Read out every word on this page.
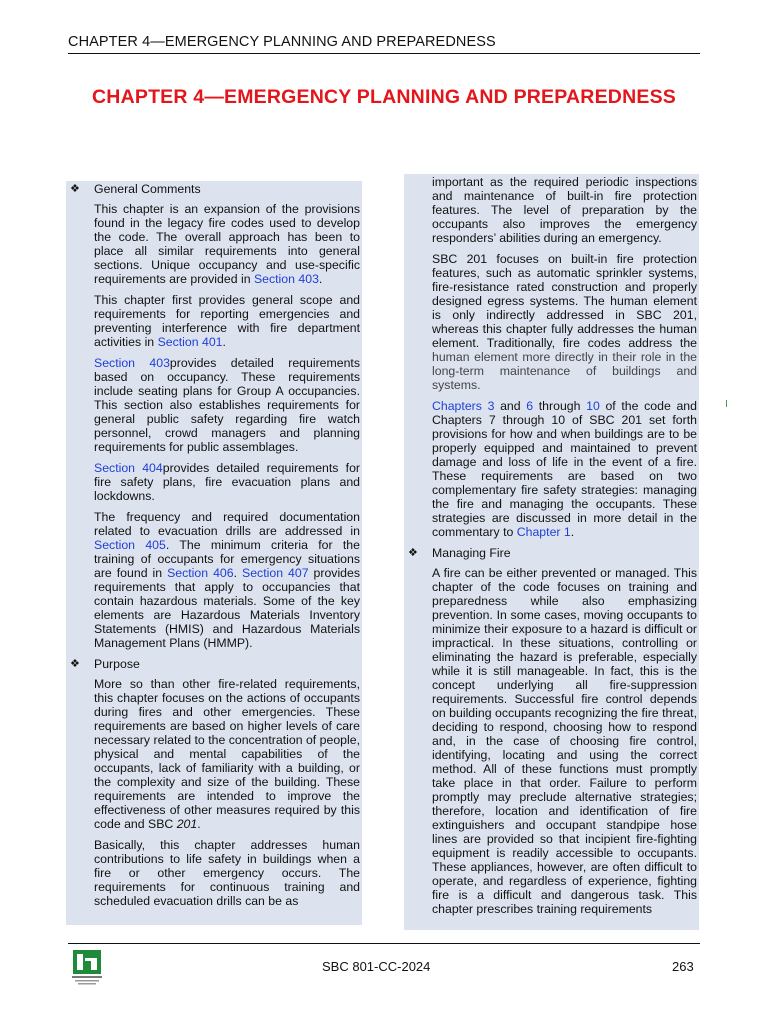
CHAPTER 4—EMERGENCY PLANNING AND PREPAREDNESS
CHAPTER 4—EMERGENCY PLANNING AND PREPAREDNESS
❖ General Comments

This chapter is an expansion of the provisions found in the legacy fire codes used to develop the code. The overall approach has been to place all similar requirements into general sections. Unique occupancy and use-specific requirements are provided in Section 403.

This chapter first provides general scope and requirements for reporting emergencies and preventing interference with fire department activities in Section 401.

Section 403provides detailed requirements based on occupancy. These requirements include seating plans for Group A occupancies. This section also establishes requirements for general public safety regarding fire watch personnel, crowd managers and planning requirements for public assemblages.

Section 404provides detailed requirements for fire safety plans, fire evacuation plans and lockdowns.

The frequency and required documentation related to evacuation drills are addressed in Section 405. The minimum criteria for the training of occupants for emergency situations are found in Section 406. Section 407 provides requirements that apply to occupancies that contain hazardous materials. Some of the key elements are Hazardous Materials Inventory Statements (HMIS) and Hazardous Materials Management Plans (HMMP).

❖ Purpose

More so than other fire-related requirements, this chapter focuses on the actions of occupants during fires and other emergencies. These requirements are based on higher levels of care necessary related to the concentration of people, physical and mental capabilities of the occupants, lack of familiarity with a building, or the complexity and size of the building. These requirements are intended to improve the effectiveness of other measures required by this code and SBC 201.

Basically, this chapter addresses human contributions to life safety in buildings when a fire or other emergency occurs. The requirements for continuous training and scheduled evacuation drills can be as

important as the required periodic inspections and maintenance of built-in fire protection features. The level of preparation by the occupants also improves the emergency responders’ abilities during an emergency.

SBC 201 focuses on built-in fire protection features, such as automatic sprinkler systems, fire-resistance rated construction and properly designed egress systems. The human element is only indirectly addressed in SBC 201, whereas this chapter fully addresses the human element. Traditionally, fire codes address the human element more directly in their role in the long-term maintenance of buildings and systems.

Chapters 3 and 6 through 10 of the code and Chapters 7 through 10 of SBC 201 set forth provisions for how and when buildings are to be properly equipped and maintained to prevent damage and loss of life in the event of a fire. These requirements are based on two complementary fire safety strategies: managing the fire and managing the occupants. These strategies are discussed in more detail in the commentary to Chapter 1.

❖ Managing Fire

A fire can be either prevented or managed. This chapter of the code focuses on training and preparedness while also emphasizing prevention. In some cases, moving occupants to minimize their exposure to a hazard is difficult or impractical. In these situations, controlling or eliminating the hazard is preferable, especially while it is still manageable. In fact, this is the concept underlying all fire-suppression requirements. Successful fire control depends on building occupants recognizing the fire threat, deciding to respond, choosing how to respond and, in the case of choosing fire control, identifying, locating and using the correct method. All of these functions must promptly take place in that order. Failure to perform promptly may preclude alternative strategies; therefore, location and identification of fire extinguishers and occupant standpipe hose lines are provided so that incipient fire-fighting equipment is readily accessible to occupants. These appliances, however, are often difficult to operate, and regardless of experience, fighting fire is a difficult and dangerous task. This chapter prescribes training requirements

SBC 801-CC-2024	263
